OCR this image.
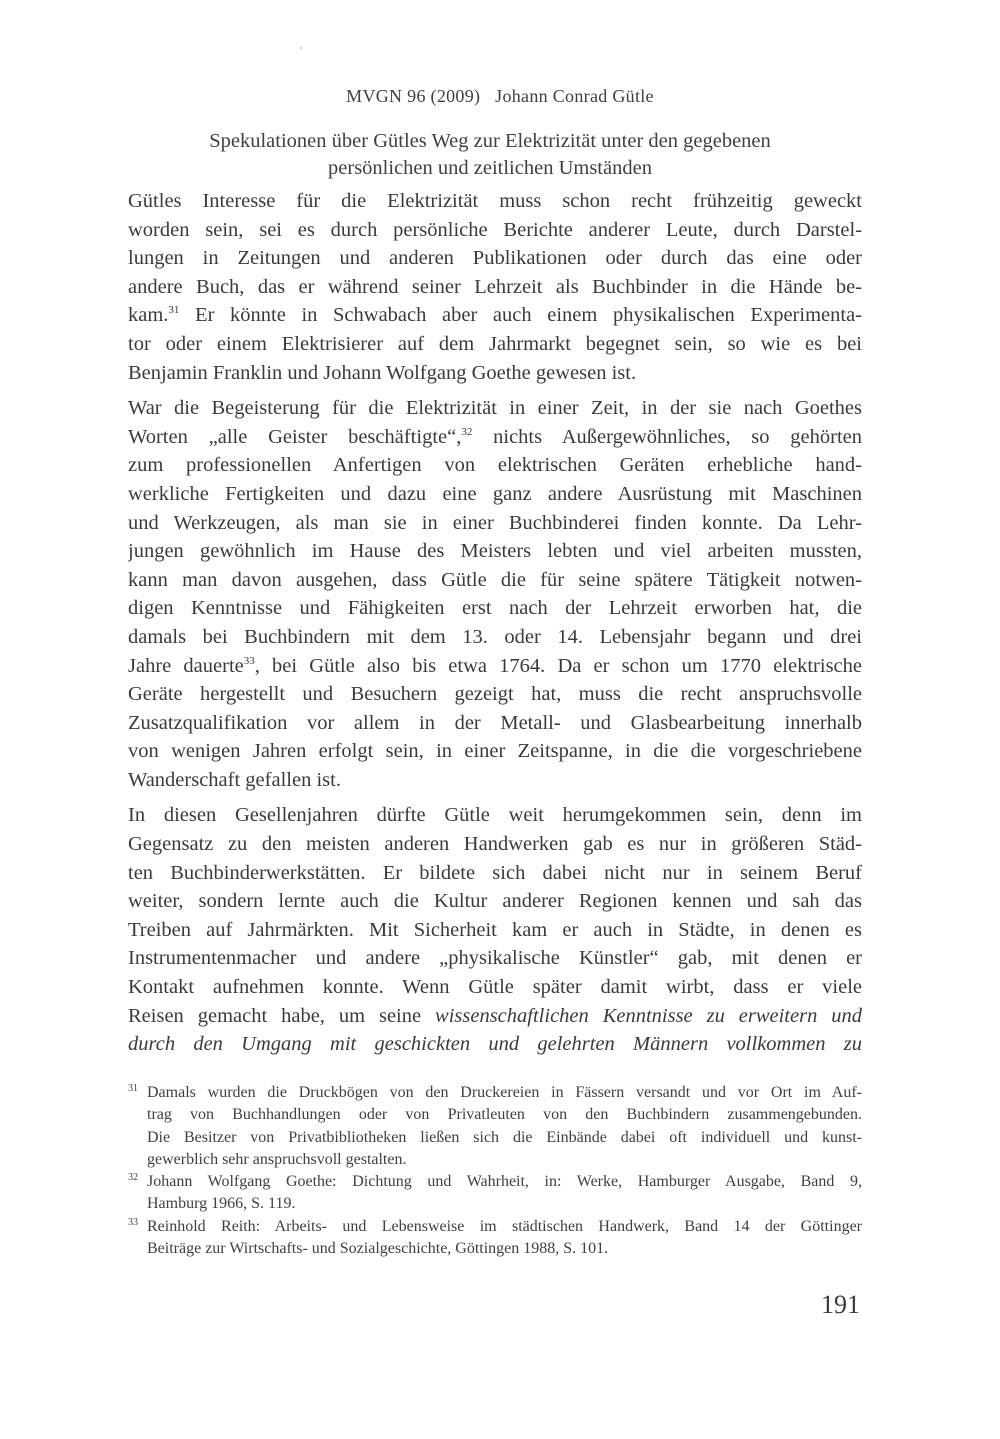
MVGN 96 (2009) Johann Conrad Gütle
Spekulationen über Gütles Weg zur Elektrizität unter den gegebenen
persönlichen und zeitlichen Umständen

Gütles Interesse für die Elektrizität muss schon recht frühzeitig geweckt
worden sein, sei es durch persönliche Berichte anderer Leute, durch Darstel-
lungen in Zeitungen und anderen Publikationen oder durch das eine oder
andere Buch, das er während seiner Lehrzeit als Buchbinder in die Hände be-
kam.$^{31}$ Er könnte in Schwabach aber auch einem physikalischen Experimenta-
tor oder einem Elektrisierer auf dem Jahrmarkt begegnet sein, so wie es bei
Benjamin Franklin und Johann Wolfgang Goethe gewesen ist.

War die Begeisterung für die Elektrizität in einer Zeit, in der sie nach Goethes
Worten „alle Geister beschäftigte“,$^{32}$ nichts Außergewöhnliches, so gehörten
zum professionellen Anfertigen von elektrischen Geräten erhebliche hand-
werkliche Fertigkeiten und dazu eine ganz andere Ausrüstung mit Maschinen
und Werkzeugen, als man sie in einer Buchbinderei finden konnte. Da Lehr-
jungen gewöhnlich im Hause des Meisters lebten und viel arbeiten mussten,
kann man davon ausgehen, dass Gütle die für seine spätere Tätigkeit notwen-
digen Kenntnisse und Fähigkeiten erst nach der Lehrzeit erworben hat, die
damals bei Buchbindern mit dem 13. oder 14. Lebensjahr begann und drei
Jahre dauerte$^{33}$, bei Gütle also bis etwa 1764. Da er schon um 1770 elektrische
Geräte hergestellt und Besuchern gezeigt hat, muss die recht anspruchsvolle
Zusatzqualifikation vor allem in der Metall- und Glasbearbeitung innerhalb
von wenigen Jahren erfolgt sein, in einer Zeitspanne, in die die vorgeschriebene
Wanderschaft gefallen ist.

In diesen Gesellenjahren dürfte Gütle weit herumgekommen sein, denn im
Gegensatz zu den meisten anderen Handwerken gab es nur in größeren Städ-
ten Buchbinderwerkstätten. Er bildete sich dabei nicht nur in seinem Beruf
weiter, sondern lernte auch die Kultur anderer Regionen kennen und sah das
Treiben auf Jahrmärkten. Mit Sicherheit kam er auch in Städte, in denen es
Instrumentenmacher und andere „physikalische Künstler“ gab, mit denen er
Kontakt aufnehmen konnte. Wenn Gütle später damit wirbt, dass er viele
Reisen gemacht habe, um seine wissenschaftlichen Kenntnisse zu erweitern und
durch den Umgang mit geschickten und gelehrten Männern vollkommen zu

31 Damals wurden die Druckbögen von den Druckereien in Fässern versandt und vor Ort im Auf-
trag von Buchhandlungen oder von Privatleuten von den Buchbindern zusammengebunden.
Die Besitzer von Privatbibliotheken ließen sich die Einbände dabei oft individuell und kunst-
gewerblich sehr anspruchsvoll gestalten.
32 Johann Wolfgang Goethe: Dichtung und Wahrheit, in: Werke, Hamburger Ausgabe, Band 9,
Hamburg 1966, S. 119.
33 Reinhold Reith: Arbeits- und Lebensweise im städtischen Handwerk, Band 14 der Göttinger
Beiträge zur Wirtschafts- und Sozialgeschichte, Göttingen 1988, S. 101.
191
